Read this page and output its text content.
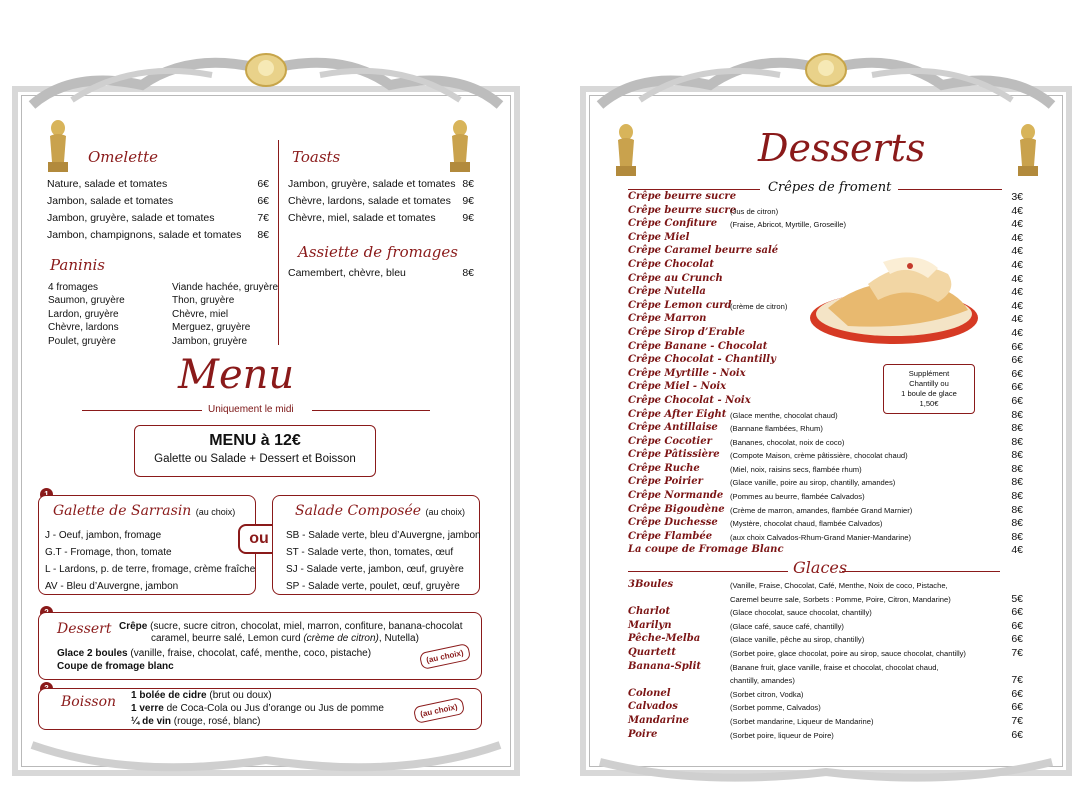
Omelette
Nature, salade et tomates	6€
Jambon, salade et tomates	6€
Jambon, gruyère, salade et tomates	7€
Jambon, champignons, salade et tomates 8€
Toasts
Jambon, gruyère, salade et tomates 8€
Chèvre, lardons, salade et tomates 9€
Chèvre, miel, salade et tomates	9€
Paninis
4 fromages
Saumon, gruyère
Lardon, gruyère
Chèvre, lardons
Poulet, gruyère
Viande hachée, gruyère
Thon, gruyère
Chèvre, miel
Merguez, gruyère
Jambon, gruyère
Assiette de fromages
Camembert, chèvre, bleu	8€
Menu
Uniquement le midi
MENU à 12€
Galette ou Salade + Dessert et Boisson
Galette de Sarrasin (au choix)
J - Oeuf, jambon, fromage
G.T - Fromage, thon, tomate
L - Lardons, p. de terre, fromage, crème fraîche
AV - Bleu d’Auvergne, jambon
ou
Salade Composée (au choix)
SB - Salade verte, bleu d’Auvergne, jambon
ST - Salade verte, thon, tomates, œuf
SJ - Salade verte, jambon, œuf, gruyère
SP - Salade verte, poulet, œuf, gruyère
Dessert Crêpe (sucre, sucre citron, chocolat, miel, marron, confiture, banana-chocolat
caramel, beurre salé, Lemon curd (crème de citron), Nutella)
Glace 2 boules (vanille, fraise, chocolat, café, menthe, coco, pistache)
Coupe de fromage blanc
(au choix)
Boisson 1 bolée de cidre (brut ou doux)
1 verre de Coca-Cola ou Jus d’orange ou Jus de pomme
¼ de vin (rouge, rosé, blanc)
(au choix)
Desserts
Crêpes de froment
Supplément
Chantilly ou
1 boule de glace
1,50€
Crêpe beurre sucre	3€
Crêpe beurre sucre
(Jus de citron)	4€
Crêpe Confiture (Fraise, Abricot, Myrtille, Groseille)	4€
Crêpe Miel	4€
Crêpe Caramel beurre salé	4€
Crêpe Chocolat	4€
Crêpe au Crunch	4€
Crêpe Nutella	4€
Crêpe Lemon curd
(crème de citron)	4€
Crêpe Marron	4€
Crêpe Sirop d’Erable	4€
Crêpe Banane - Chocolat	6€
Crêpe Chocolat - Chantilly	6€
Crêpe Myrtille - Noix	6€
Crêpe Miel - Noix	6€
Crêpe Chocolat - Noix	6€
Crêpe After Eight (Glace menthe, chocolat chaud)	8€
Crêpe Antillaise (Bannane flambées, Rhum)	8€
Crêpe Cocotier (Bananes, chocolat, noix de coco)	8€
Crêpe Pâtissière (Compote Maison, crème pâtissière, chocolat chaud)	8€
Crêpe Ruche	(Miel, noix, raisins secs, flambée rhum)	8€
Crêpe Poirier	(Glace vanille, poire au sirop, chantilly, amandes)	8€
Crêpe Normande (Pommes au beurre, flambée Calvados)	8€
Crêpe Bigoudène (Crème de marron, amandes, flambée Grand Marnier)	8€
Crêpe Duchesse (Mystère, chocolat chaud, flambée Calvados)	8€
Crêpe Flambée (aux choix Calvados-Rhum-Grand Manier-Mandarine)	8€
La coupe de Fromage Blanc	4€
Glaces
3Boules	(Vanille, Fraise, Chocolat, Café, Menthe, Noix de coco, Pistache,
Caremel beurre sale, Sorbets : Pomme, Poire, Citron, Mandarine)	5€
Charlot	(Glace chocolat, sauce chocolat, chantilly)	6€
Marilyn	(Glace café, sauce café, chantilly)	6€
Pêche-Melba	(Glace vanille, pêche au sirop, chantilly)	6€
Quartett	(Sorbet poire, glace chocolat, poire au sirop, sauce chocolat, chantilly)	7€
Banana-Split	(Banane fruit, glace vanille, fraise et chocolat, chocolat chaud,
chantilly, amandes)	7€
Colonel	(Sorbet citron, Vodka)	6€
Calvados	(Sorbet pomme, Calvados)	6€
Mandarine	(Sorbet mandarine, Liqueur de Mandarine)	7€
Poire	(Sorbet poire, liqueur de Poire)	6€
